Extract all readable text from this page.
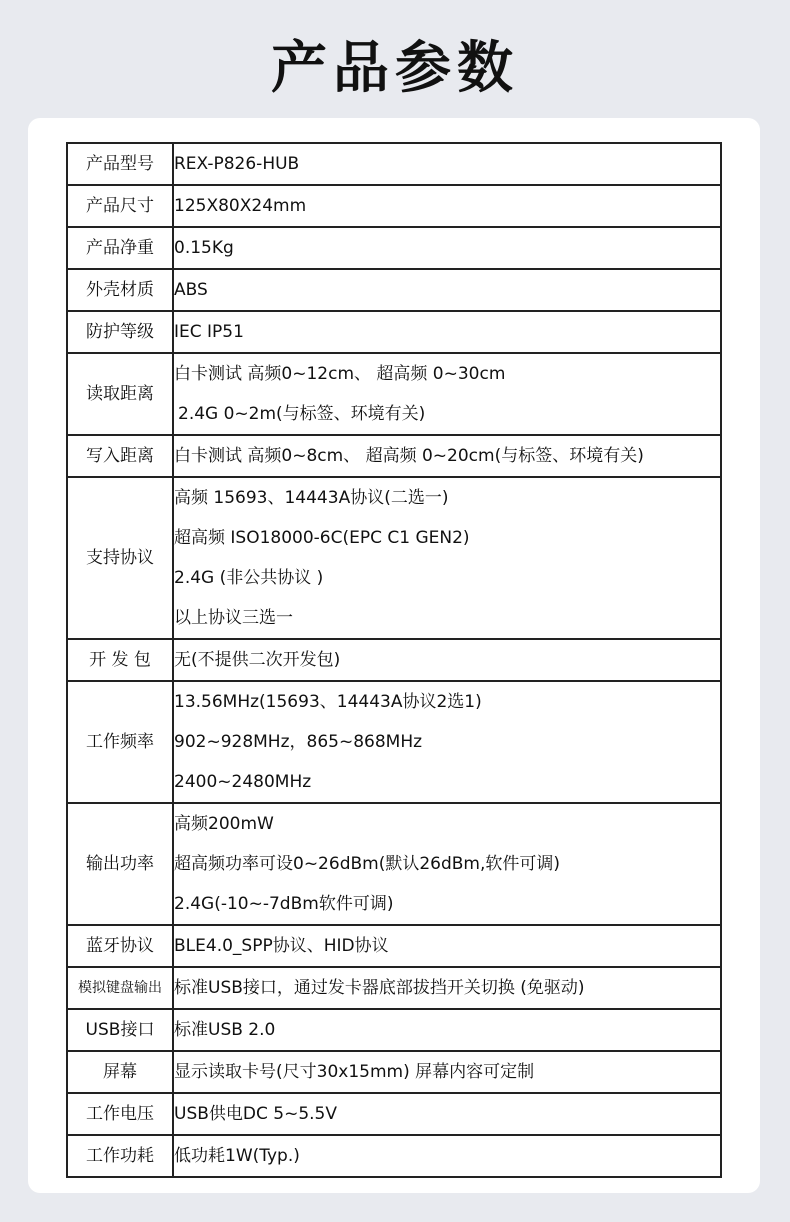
产品参数
产品型号	REX-P826-HUB

产品尺寸	125X80X24mm

产品净重	0.15Kg

外壳材质	ABS

防护等级	IEC IP51

读取距离	白卡测试 高频0~12cm、 超高频 0~30cm
2.4G 0~2m(与标签、环境有关)

写入距离	白卡测试 高频0~8cm、 超高频 0~20cm(与标签、环境有关)

支持协议	高频 15693、14443A协议(二选一)
超高频 ISO18000-6C(EPC C1 GEN2)
2.4G (非公共协议 )
以上协议三选一

开 发 包	无(不提供二次开发包)

工作频率	13.56MHz(15693、14443A协议2选1)
902~928MHz，865~868MHz
2400~2480MHz

输出功率	高频200mW
超高频功率可设0~26dBm(默认26dBm,软件可调)
2.4G(-10~-7dBm软件可调)

蓝牙协议	BLE4.0_SPP协议、HID协议

模拟键盘输出	标准USB接口，通过发卡器底部拔挡开关切换 (免驱动)

USB接口	标准USB 2.0

屏幕	显示读取卡号(尺寸30x15mm) 屏幕内容可定制

工作电压	USB供电DC 5~5.5V

工作功耗	低功耗1W(Typ.)
